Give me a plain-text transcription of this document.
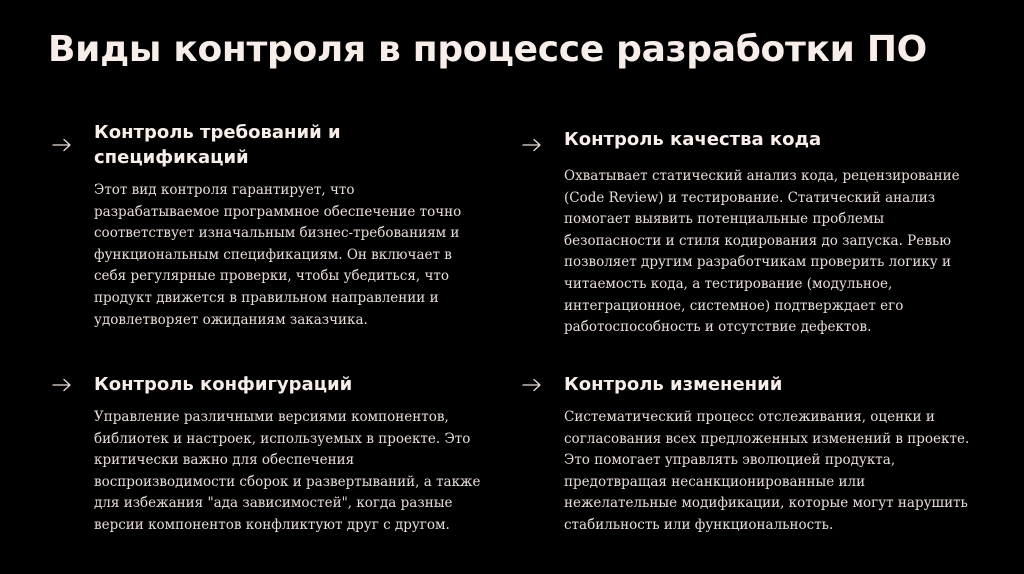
Виды контроля в процессе разработки ПО
Контроль требований и спецификаций

Этот вид контроля гарантирует, что разрабатываемое программное обеспечение точно соответствует изначальным бизнес-требованиям и функциональным спецификациям. Он включает в себя регулярные проверки, чтобы убедиться, что продукт движется в правильном направлении и удовлетворяет ожиданиям заказчика.

Контроль качества кода

Охватывает статический анализ кода, рецензирование (Code Review) и тестирование. Статический анализ помогает выявить потенциальные проблемы безопасности и стиля кодирования до запуска. Ревью позволяет другим разработчикам проверить логику и читаемость кода, а тестирование (модульное, интеграционное, системное) подтверждает его работоспособность и отсутствие дефектов.

Контроль конфигураций

Управление различными версиями компонентов, библиотек и настроек, используемых в проекте. Это критически важно для обеспечения воспроизводимости сборок и развертываний, а также для избежания "ада зависимостей", когда разные версии компонентов конфликтуют друг с другом.

Контроль изменений

Систематический процесс отслеживания, оценки и согласования всех предложенных изменений в проекте. Это помогает управлять эволюцией продукта, предотвращая несанкционированные или нежелательные модификации, которые могут нарушить стабильность или функциональность.
